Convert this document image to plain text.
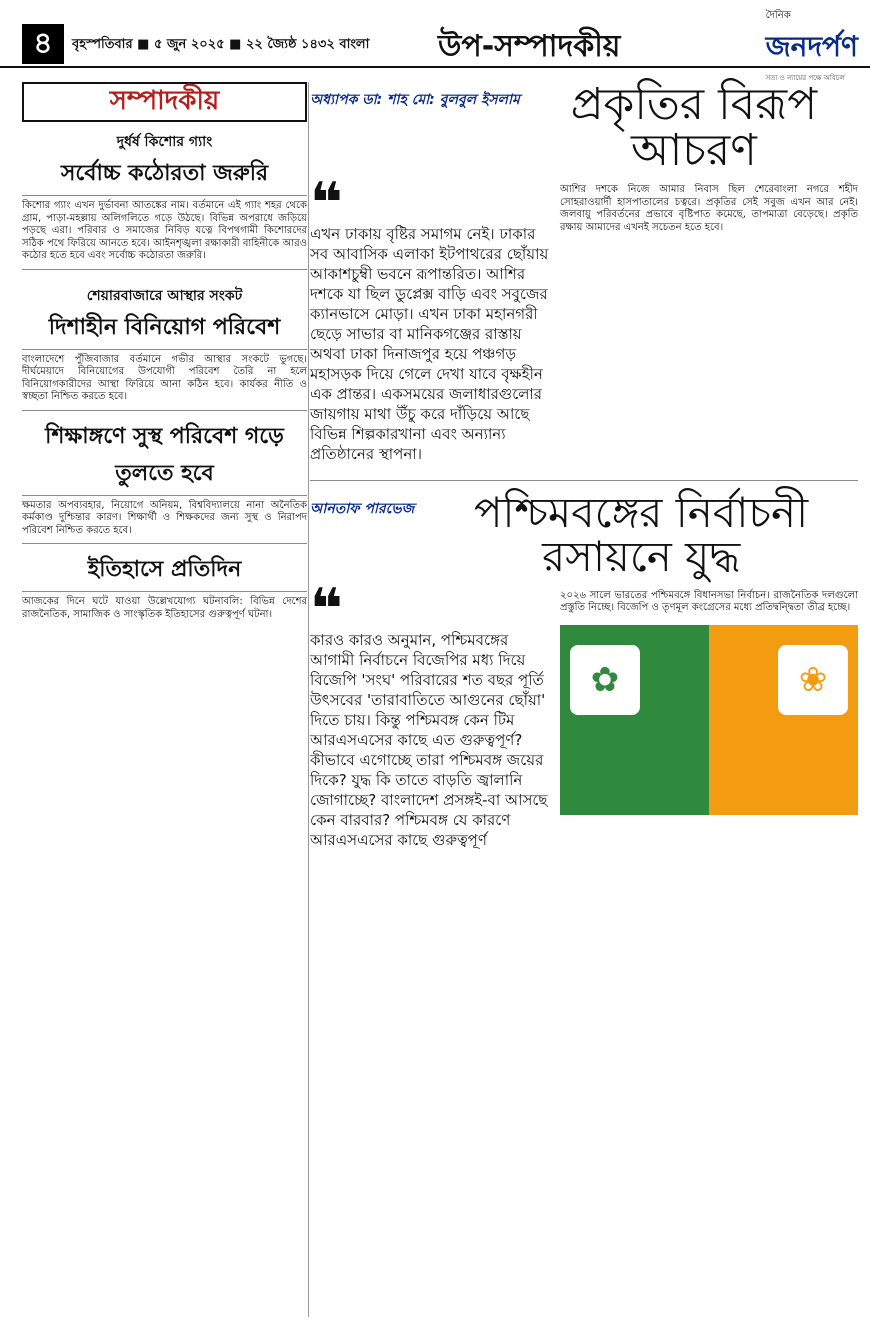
৪	বৃহস্পতিবার ■ ৫ জুন ২০২৫ ■ ২২ জ্যৈষ্ঠ ১৪৩২ বাংলা উপ-সম্পাদকীয়
দৈনিক
জনদর্পণ
সত্য ও ন্যায়ের পক্ষে অবিচল
সম্পাদকীয়
দুর্ধর্ষ কিশোর গ্যাং
সর্বোচ্চ কঠোরতা জরুরি
কিশোর গ্যাং এখন দুর্ভাবনা আতঙ্কের নাম। বর্তমানে এই গ্যাং শহর থেকে গ্রাম, পাড়া-মহল্লায় অলিগলিতে গড়ে উঠছে। বিভিন্ন অপরাধে জড়িয়ে পড়ছে এরা। পরিবার ও সমাজের নিবিড় যত্নে বিপথগামী কিশোরদের সঠিক পথে ফিরিয়ে আনতে হবে। আইনশৃঙ্খলা রক্ষাকারী বাহিনীকে আরও কঠোর হতে হবে এবং সর্বোচ্চ কঠোরতা জরুরি।
শেয়ারবাজারে আস্থার সংকট
দিশাহীন বিনিয়োগ পরিবেশ
বাংলাদেশে পুঁজিবাজার বর্তমানে গভীর আস্থার সংকটে ভুগছে। দীর্ঘমেয়াদে বিনিয়োগের উপযোগী পরিবেশ তৈরি না হলে বিনিয়োগকারীদের আস্থা ফিরিয়ে আনা কঠিন হবে। কার্যকর নীতি ও স্বচ্ছতা নিশ্চিত করতে হবে।
শিক্ষাঙ্গণে সুস্থ পরিবেশ গড়ে তুলতে হবে
ক্ষমতার অপব্যবহার, নিয়োগে অনিয়ম, বিশ্ববিদ্যালয়ে নানা অনৈতিক কর্মকাণ্ড দুশ্চিন্তার কারণ। শিক্ষার্থী ও শিক্ষকদের জন্য সুস্থ ও নিরাপদ পরিবেশ নিশ্চিত করতে হবে।
ইতিহাসে প্রতিদিন
আজকের দিনে ঘটে যাওয়া উল্লেখযোগ্য ঘটনাবলি: বিভিন্ন দেশের রাজনৈতিক, সামাজিক ও সাংস্কৃতিক ইতিহাসের গুরুত্বপূর্ণ ঘটনা।
অধ্যাপক ডা: শাহ মো: বুলবুল ইসলাম	প্রকৃতির বিরূপ আচরণ
❝
এখন ঢাকায় বৃষ্টির সমাগম নেই। ঢাকার সব আবাসিক এলাকা ইটপাথরের ছোঁয়ায় আকাশচুম্বী ভবনে রূপান্তরিত। আশির দশকে যা ছিল ডুপ্লেক্স বাড়ি এবং সবুজের ক্যানভাসে মোড়া। এখন ঢাকা মহানগরী ছেড়ে সাভার বা মানিকগঞ্জের রাস্তায় অথবা ঢাকা দিনাজপুর হয়ে পঞ্চগড় মহাসড়ক দিয়ে গেলে দেখা যাবে বৃক্ষহীন এক প্রান্তর। একসময়ের জলাধারগুলোর জায়গায় মাথা উঁচু করে দাঁড়িয়ে আছে বিভিন্ন শিল্পকারখানা এবং অন্যান্য প্রতিষ্ঠানের স্থাপনা।
আশির দশকে নিজে আমার নিবাস ছিল শেরেবাংলা নগরে শহীদ সোহরাওয়ার্দী হাসপাতালের চত্বরে। প্রকৃতির সেই সবুজ এখন আর নেই। জলবায়ু পরিবর্তনের প্রভাবে বৃষ্টিপাত কমেছে, তাপমাত্রা বেড়েছে। প্রকৃতি রক্ষায় আমাদের এখনই সচেতন হতে হবে।
আনতাফ পারভেজ	পশ্চিমবঙ্গের নির্বাচনী রসায়নে যুদ্ধ
❝
কারও কারও অনুমান, পশ্চিমবঙ্গের আগামী নির্বাচনে বিজেপির মধ্য দিয়ে বিজেপি 'সংঘ' পরিবারের শত বছর পূর্তি উৎসবের 'তারাবাতিতে আগুনের ছোঁয়া' দিতে চায়। কিন্তু পশ্চিমবঙ্গ কেন টিম আরএসএসের কাছে এত গুরুত্বপূর্ণ? কীভাবে এগোচ্ছে তারা পশ্চিমবঙ্গ জয়ের দিকে? যুদ্ধ কি তাতে বাড়তি জ্বালানি জোগাচ্ছে? বাংলাদেশ প্রসঙ্গই-বা আসছে কেন বারবার? পশ্চিমবঙ্গ যে কারণে আরএসএসের কাছে গুরুত্বপূর্ণ
২০২৬ সালে ভারতের পশ্চিমবঙ্গে বিধানসভা নির্বাচন। রাজনৈতিক দলগুলো প্রস্তুতি নিচ্ছে। বিজেপি ও তৃণমূল কংগ্রেসের মধ্যে প্রতিদ্বন্দ্বিতা তীব্র হচ্ছে।
✿	❀
